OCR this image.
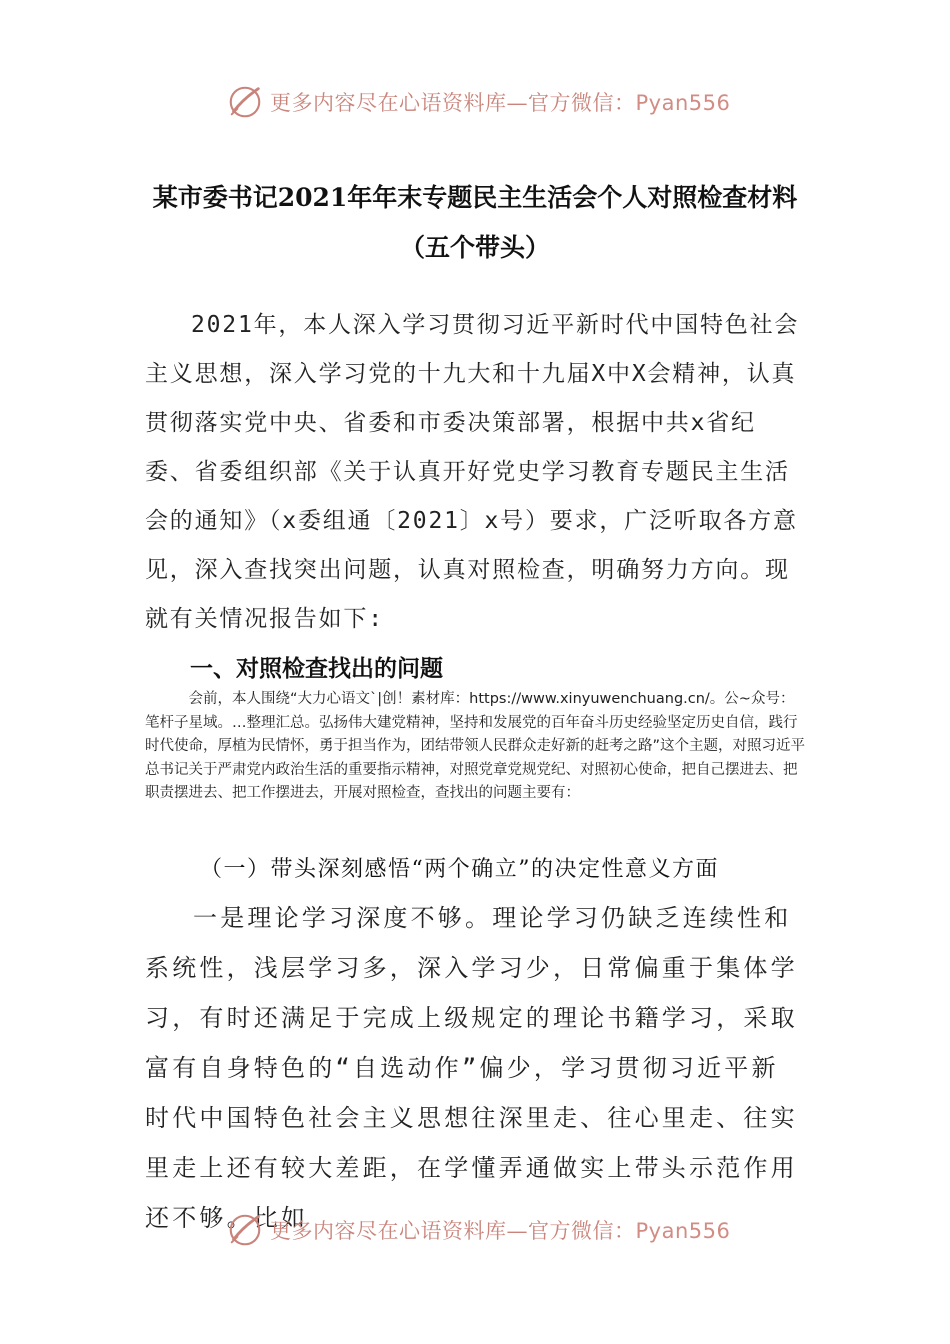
更多内容尽在心语资料库—官方微信：Pyan556
某市委书记2021年年末专题民主生活会个人对照检查材料
（五个带头）

2021年，本人深入学习贯彻习近平新时代中国特色社会主义思想，深入学习党的十九大和十九届X中X会精神，认真贯彻落实党中央、省委和市委决策部署，根据中共x省纪委、省委组织部《关于认真开好党史学习教育专题民主生活会的通知》（x委组通〔2021〕x号）要求，广泛听取各方意见，深入查找突出问题，认真对照检查，明确努力方向。现就有关情况报告如下:

一、对照检查找出的问题

会前，本人围绕“大力心语文`|创！素材库：https://www.xinyuwenchuang.cn/。公~众号：笔杆子星域。…整理汇总。弘扬伟大建党精神，坚持和发展党的百年奋斗历史经验坚定历史自信，践行时代使命，厚植为民情怀，勇于担当作为，团结带领人民群众走好新的赶考之路”这个主题，对照习近平总书记关于严肃党内政治生活的重要指示精神，对照党章党规党纪、对照初心使命，把自己摆进去、把职责摆进去、把工作摆进去，开展对照检查，查找出的问题主要有：

（一）带头深刻感悟“两个确立”的决定性意义方面

一是理论学习深度不够。理论学习仍缺乏连续性和系统性，浅层学习多，深入学习少，日常偏重于集体学习，有时还满足于完成上级规定的理论书籍学习，采取富有自身特色的“自选动作”偏少，学习贯彻习近平新时代中国特色社会主义思想往深里走、往心里走、往实里走上还有较大差距，在学懂弄通做实上带头示范作用还不够。比如

更多内容尽在心语资料库—官方微信：Pyan556
